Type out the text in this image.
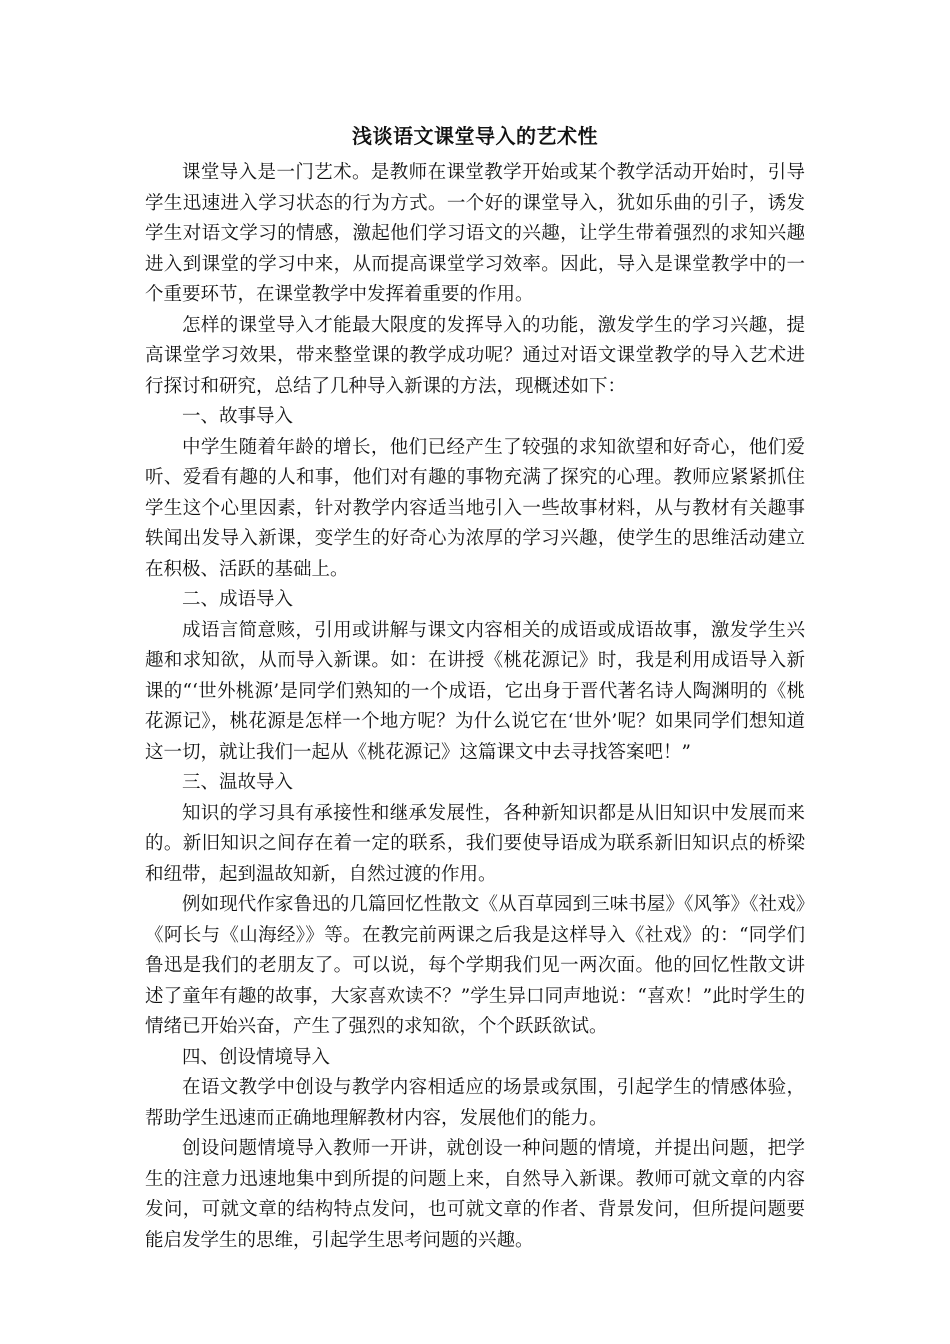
浅谈语文课堂导入的艺术性

课堂导入是一门艺术。是教师在课堂教学开始或某个教学活动开始时，引导学生迅速进入学习状态的行为方式。一个好的课堂导入，犹如乐曲的引子，诱发学生对语文学习的情感，激起他们学习语文的兴趣，让学生带着强烈的求知兴趣进入到课堂的学习中来，从而提高课堂学习效率。因此，导入是课堂教学中的一个重要环节，在课堂教学中发挥着重要的作用。

怎样的课堂导入才能最大限度的发挥导入的功能，激发学生的学习兴趣，提高课堂学习效果，带来整堂课的教学成功呢？通过对语文课堂教学的导入艺术进行探讨和研究，总结了几种导入新课的方法，现概述如下：

一、故事导入

中学生随着年龄的增长，他们已经产生了较强的求知欲望和好奇心，他们爱听、爱看有趣的人和事，他们对有趣的事物充满了探究的心理。教师应紧紧抓住学生这个心里因素，针对教学内容适当地引入一些故事材料，从与教材有关趣事轶闻出发导入新课，变学生的好奇心为浓厚的学习兴趣，使学生的思维活动建立在积极、活跃的基础上。

二、成语导入

成语言简意赅，引用或讲解与课文内容相关的成语或成语故事，激发学生兴趣和求知欲，从而导入新课。如：在讲授《桃花源记》时，我是利用成语导入新课的“‘世外桃源’是同学们熟知的一个成语，它出身于晋代著名诗人陶渊明的《桃花源记》，桃花源是怎样一个地方呢？为什么说它在‘世外’呢？如果同学们想知道这一切，就让我们一起从《桃花源记》这篇课文中去寻找答案吧！”

三、温故导入

知识的学习具有承接性和继承发展性，各种新知识都是从旧知识中发展而来的。新旧知识之间存在着一定的联系，我们要使导语成为联系新旧知识点的桥梁和纽带，起到温故知新，自然过渡的作用。

例如现代作家鲁迅的几篇回忆性散文《从百草园到三味书屋》《风筝》《社戏》《阿长与《山海经》》等。在教完前两课之后我是这样导入《社戏》的：“同学们鲁迅是我们的老朋友了。可以说，每个学期我们见一两次面。他的回忆性散文讲述了童年有趣的故事，大家喜欢读不？”学生异口同声地说：“喜欢！”此时学生的情绪已开始兴奋，产生了强烈的求知欲，个个跃跃欲试。

四、创设情境导入

在语文教学中创设与教学内容相适应的场景或氛围，引起学生的情感体验，帮助学生迅速而正确地理解教材内容，发展他们的能力。

创设问题情境导入教师一开讲，就创设一种问题的情境，并提出问题，把学生的注意力迅速地集中到所提的问题上来，自然导入新课。教师可就文章的内容发问，可就文章的结构特点发问，也可就文章的作者、背景发问，但所提问题要能启发学生的思维，引起学生思考问题的兴趣。
